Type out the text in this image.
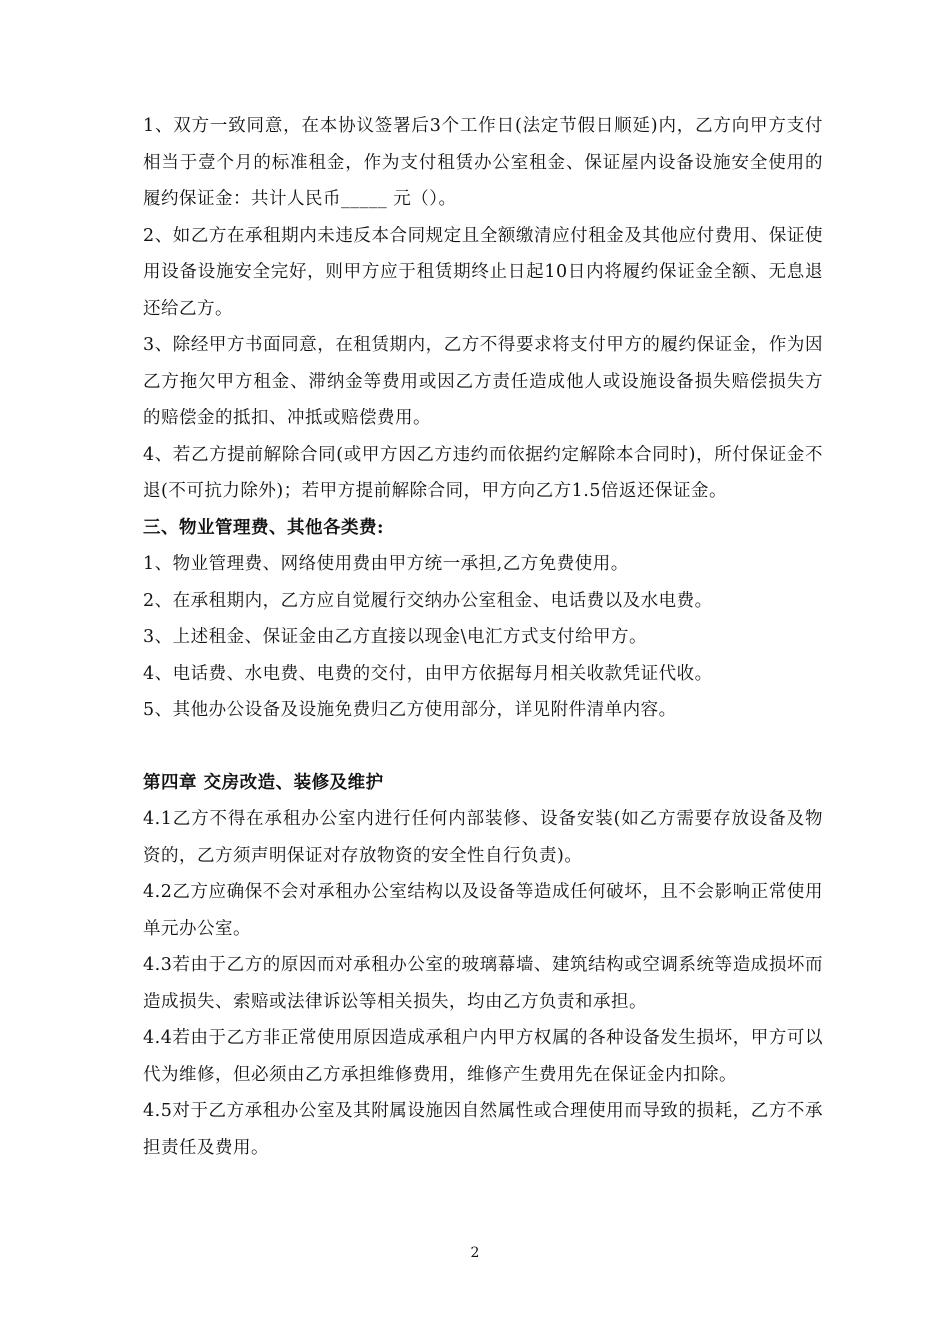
1、双方一致同意，在本协议签署后3个工作日(法定节假日顺延)内，乙方向甲方支付相当于壹个月的标准租金，作为支付租赁办公室租金、保证屋内设备设施安全使用的履约保证金：共计人民币_____ 元（）。

2、如乙方在承租期内未违反本合同规定且全额缴清应付租金及其他应付费用、保证使用设备设施安全完好，则甲方应于租赁期终止日起10日内将履约保证金全额、无息退还给乙方。

3、除经甲方书面同意，在租赁期内，乙方不得要求将支付甲方的履约保证金，作为因乙方拖欠甲方租金、滞纳金等费用或因乙方责任造成他人或设施设备损失赔偿损失方的赔偿金的抵扣、冲抵或赔偿费用。

4、若乙方提前解除合同(或甲方因乙方违约而依据约定解除本合同时)，所付保证金不退(不可抗力除外)；若甲方提前解除合同，甲方向乙方1.5倍返还保证金。

三、物业管理费、其他各类费:

1、物业管理费、网络使用费由甲方统一承担,乙方免费使用。

2、在承租期内，乙方应自觉履行交纳办公室租金、电话费以及水电费。

3、上述租金、保证金由乙方直接以现金\电汇方式支付给甲方。

4、电话费、水电费、电费的交付，由甲方依据每月相关收款凭证代收。

5、其他办公设备及设施免费归乙方使用部分，详见附件清单内容。

第四章 交房改造、装修及维护

4.1乙方不得在承租办公室内进行任何内部装修、设备安装(如乙方需要存放设备及物资的，乙方须声明保证对存放物资的安全性自行负责)。

4.2乙方应确保不会对承租办公室结构以及设备等造成任何破坏，且不会影响正常使用单元办公室。

4.3若由于乙方的原因而对承租办公室的玻璃幕墙、建筑结构或空调系统等造成损坏而造成损失、索赔或法律诉讼等相关损失，均由乙方负责和承担。

4.4若由于乙方非正常使用原因造成承租户内甲方权属的各种设备发生损坏，甲方可以代为维修，但必须由乙方承担维修费用，维修产生费用先在保证金内扣除。

4.5对于乙方承租办公室及其附属设施因自然属性或合理使用而导致的损耗，乙方不承担责任及费用。

2
